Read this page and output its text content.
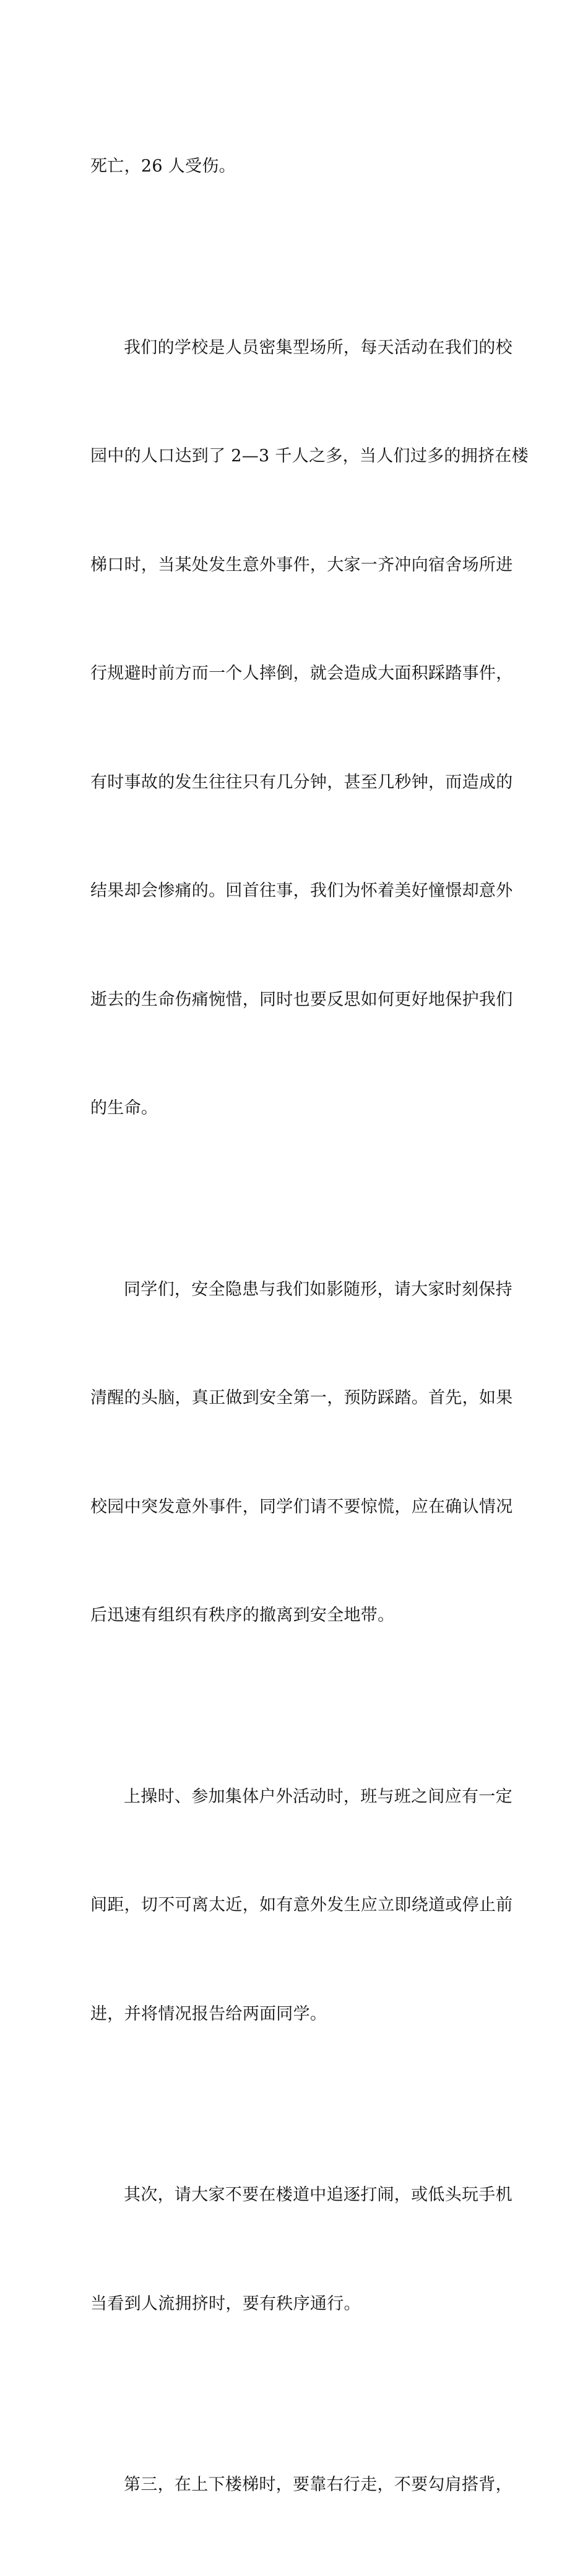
死亡，26 人受伤。

我们的学校是人员密集型场所，每天活动在我们的校

园中的人口达到了 2—3 千人之多，当人们过多的拥挤在楼

梯口时，当某处发生意外事件，大家一齐冲向宿舍场所进

行规避时前方而一个人摔倒，就会造成大面积踩踏事件，

有时事故的发生往往只有几分钟，甚至几秒钟，而造成的

结果却会惨痛的。回首往事，我们为怀着美好憧憬却意外

逝去的生命伤痛惋惜，同时也要反思如何更好地保护我们

的生命。

同学们，安全隐患与我们如影随形，请大家时刻保持

清醒的头脑，真正做到安全第一，预防踩踏。首先，如果

校园中突发意外事件，同学们请不要惊慌，应在确认情况

后迅速有组织有秩序的撤离到安全地带。

上操时、参加集体户外活动时，班与班之间应有一定

间距，切不可离太近，如有意外发生应立即绕道或停止前

进，并将情况报告给两面同学。

其次，请大家不要在楼道中追逐打闹，或低头玩手机

当看到人流拥挤时，要有秩序通行。

第三，在上下楼梯时，要靠右行走，不要勾肩搭背，
